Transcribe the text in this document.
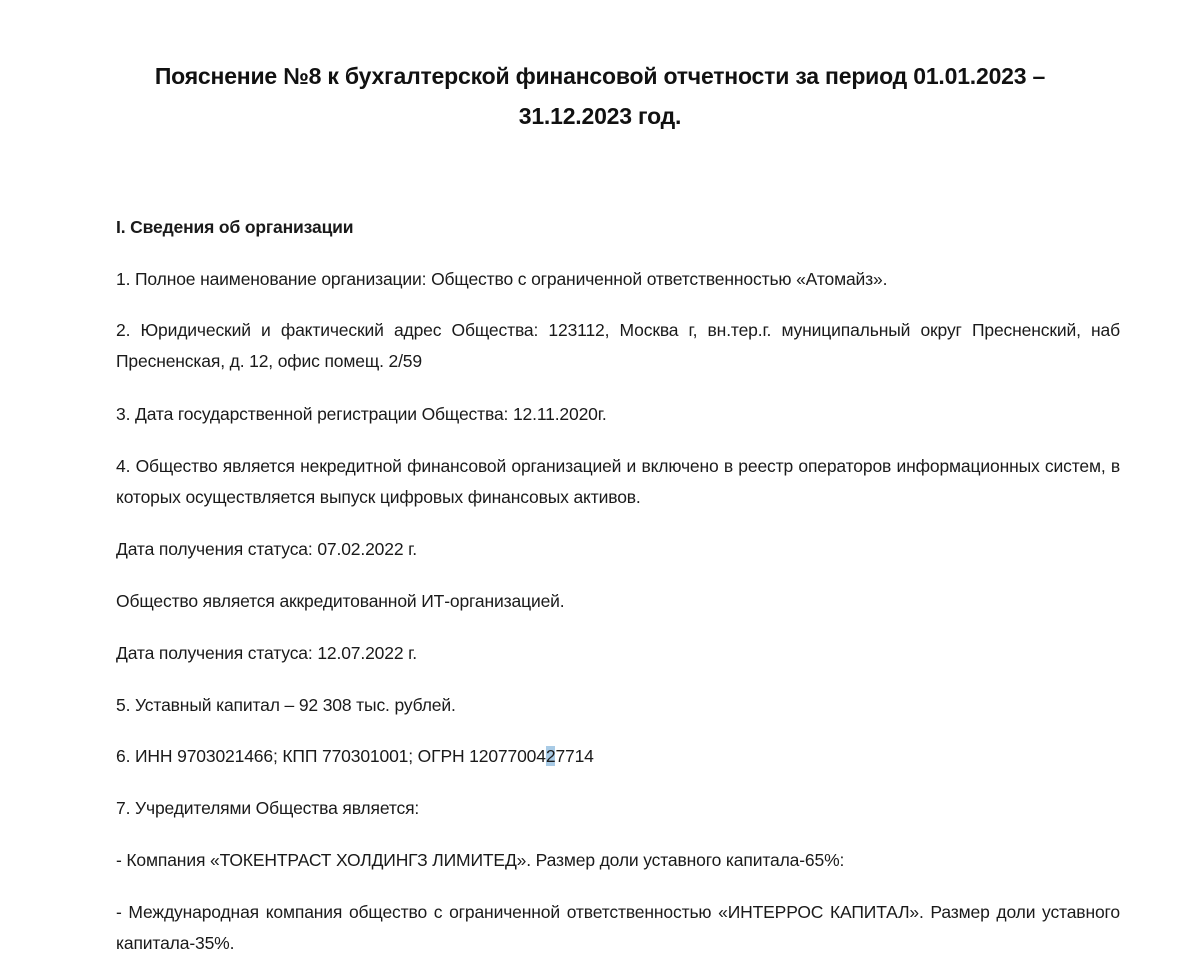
Пояснение №8 к бухгалтерской финансовой отчетности за период 01.01.2023 –
31.12.2023 год.
I. Сведения об организации
1. Полное наименование организации: Общество с ограниченной ответственностью «Атомайз».
2. Юридический и фактический адрес Общества: 123112, Москва г, вн.тер.г. муниципальный округ Пресненский, наб Пресненская, д. 12, офис помещ. 2/59
3. Дата государственной регистрации Общества: 12.11.2020г.
4. Общество является некредитной финансовой организацией и включено в реестр операторов информационных систем, в которых осуществляется выпуск цифровых финансовых активов.
Дата получения статуса: 07.02.2022 г.
Общество является аккредитованной ИТ-организацией.
Дата получения статуса: 12.07.2022 г.
5. Уставный капитал – 92 308 тыс. рублей.
6. ИНН 9703021466; КПП 770301001; ОГРН 1207700427714
7. Учредителями Общества является:
- Компания «ТОКЕНТРАСТ ХОЛДИНГЗ ЛИМИТЕД». Размер доли уставного капитала-65%:
- Международная компания общество с ограниченной ответственностью «ИНТЕРРОС КАПИТАЛ». Размер доли уставного капитала-35%.
